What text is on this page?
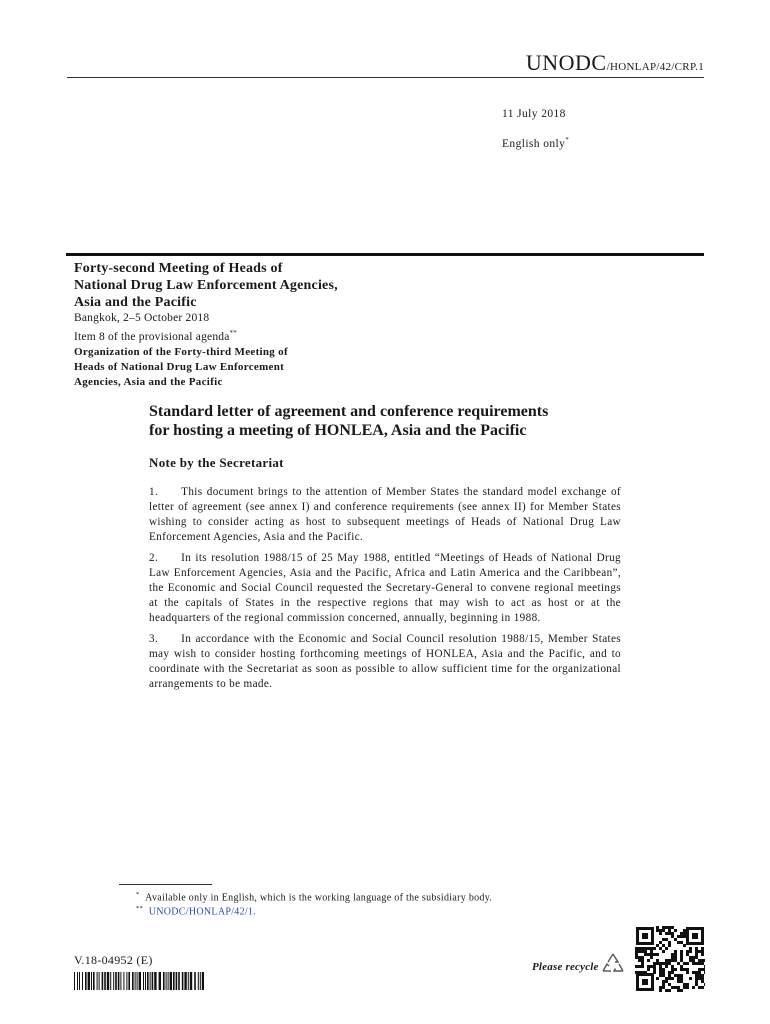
UNODC/HONLAP/42/CRP.1
11 July 2018
English only*

Forty-second Meeting of Heads of

National Drug Law Enforcement Agencies,

Asia and the Pacific

Bangkok, 2–5 October 2018

Item 8 of the provisional agenda**

Organization of the Forty-third Meeting of

Heads of National Drug Law Enforcement

Agencies, Asia and the Pacific

Standard letter of agreement and conference requirements
for hosting a meeting of HONLEA, Asia and the Pacific

Note by the Secretariat

1.  This document brings to the attention of Member States the standard model exchange of letter of agreement (see annex I) and conference requirements (see annex II) for Member States wishing to consider acting as host to subsequent meetings of Heads of National Drug Law Enforcement Agencies, Asia and the Pacific.

2.  In its resolution 1988/15 of 25 May 1988, entitled “Meetings of Heads of National Drug Law Enforcement Agencies, Asia and the Pacific, Africa and Latin America and the Caribbean”, the Economic and Social Council requested the Secretary-General to convene regional meetings at the capitals of States in the respective regions that may wish to act as host or at the headquarters of the regional commission concerned, annually, beginning in 1988.

3.  In accordance with the Economic and Social Council resolution 1988/15, Member States may wish to consider hosting forthcoming meetings of HONLEA, Asia and the Pacific, and to coordinate with the Secretariat as soon as possible to allow sufficient time for the organizational arrangements to be made.

* Available only in English, which is the working language of the subsidiary body.
** UNODC/HONLAP/42/1.
V.18-04952 (E)	Please recycle
